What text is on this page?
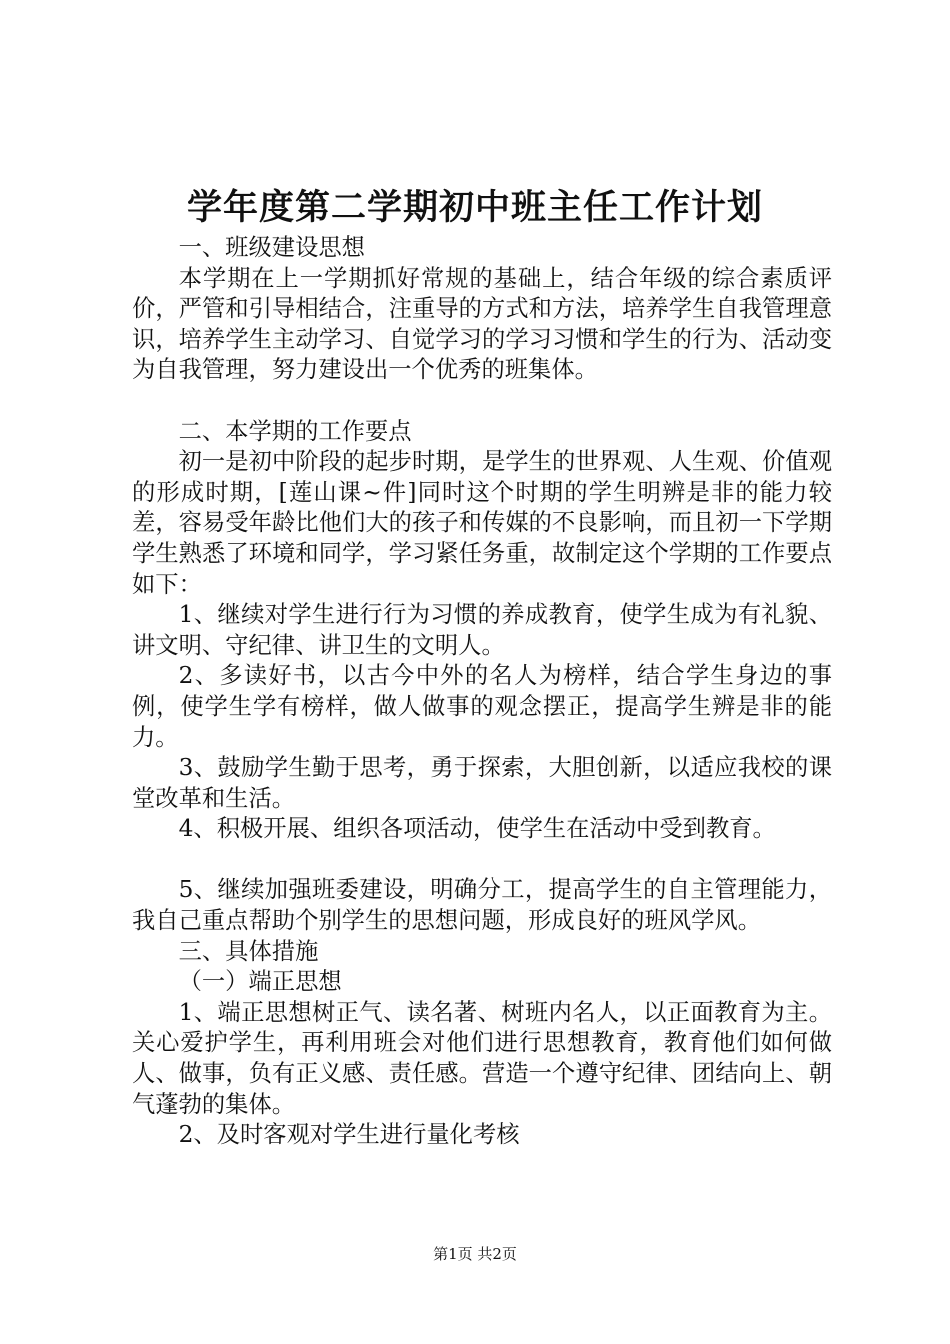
学年度第二学期初中班主任工作计划

一、班级建设思想

本学期在上一学期抓好常规的基础上，结合年级的综合素质评价，严管和引导相结合，注重导的方式和方法，培养学生自我管理意识，培养学生主动学习、自觉学习的学习习惯和学生的行为、活动变为自我管理，努力建设出一个优秀的班集体。

二、本学期的工作要点

初一是初中阶段的起步时期，是学生的世界观、人生观、价值观的形成时期，[莲山课~件]同时这个时期的学生明辨是非的能力较差，容易受年龄比他们大的孩子和传媒的不良影响，而且初一下学期学生熟悉了环境和同学，学习紧任务重，故制定这个学期的工作要点如下：

1、继续对学生进行行为习惯的养成教育，使学生成为有礼貌、讲文明、守纪律、讲卫生的文明人。

2、多读好书，以古今中外的名人为榜样，结合学生身边的事例，使学生学有榜样，做人做事的观念摆正，提高学生辨是非的能力。

3、鼓励学生勤于思考，勇于探索，大胆创新，以适应我校的课堂改革和生活。

4、积极开展、组织各项活动，使学生在活动中受到教育。

5、继续加强班委建设，明确分工，提高学生的自主管理能力，我自己重点帮助个别学生的思想问题，形成良好的班风学风。

三、具体措施

（一）端正思想

1、端正思想树正气、读名著、树班内名人，以正面教育为主。关心爱护学生，再利用班会对他们进行思想教育，教育他们如何做人、做事，负有正义感、责任感。营造一个遵守纪律、团结向上、朝气蓬勃的集体。

2、及时客观对学生进行量化考核

第1页 共2页
